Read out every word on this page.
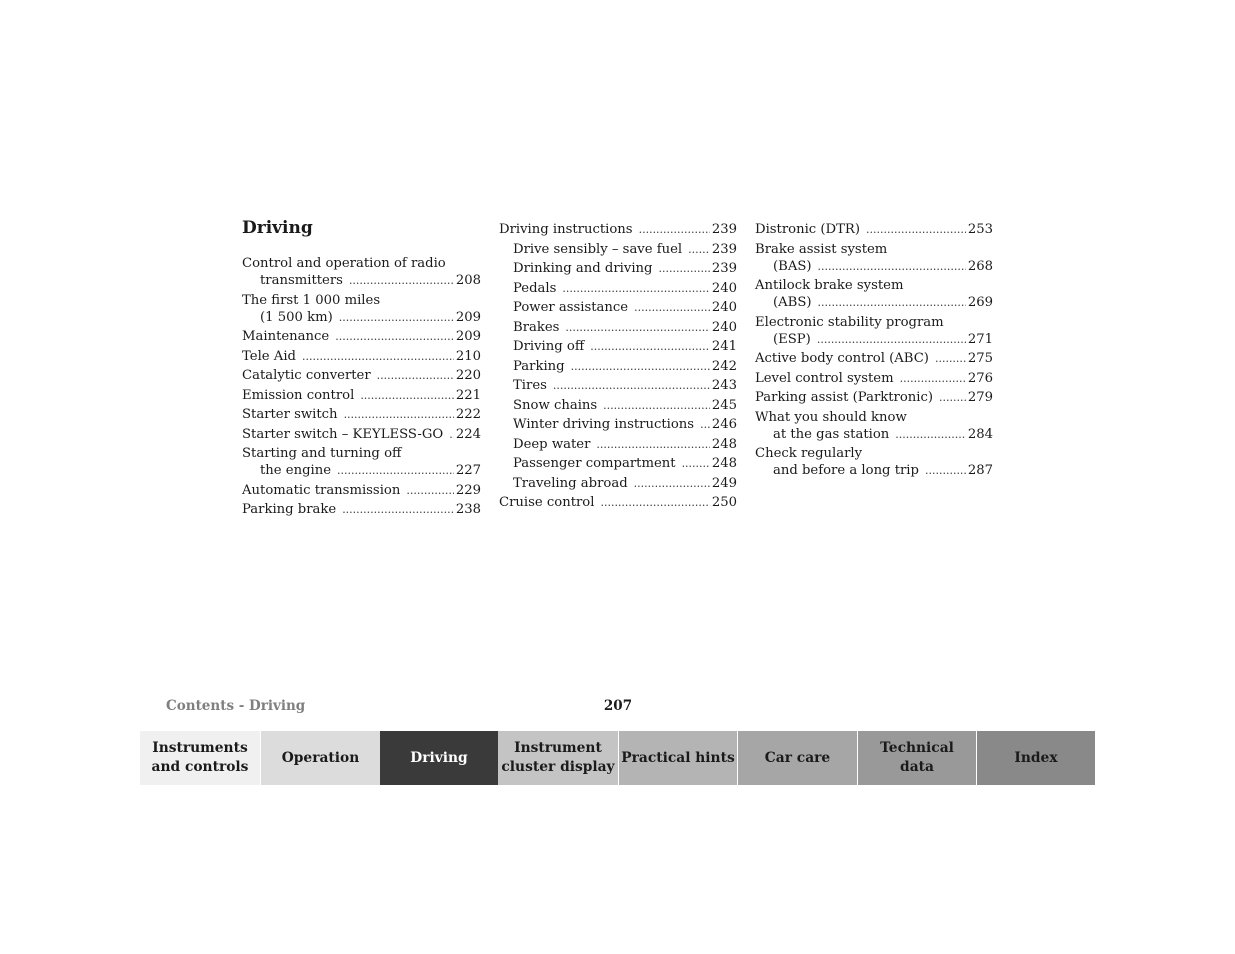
Driving
Control and operation of radio
transmitters .....	208
The first 1 000 miles
(1 500 km) .....	209
Maintenance .....	209
Tele Aid .....	210
Catalytic converter .....	220
Emission control .....	221
Starter switch .....	222
Starter switch – KEYLESS-GO ..... 224
Starting and turning off
the engine .....	227
Automatic transmission .....	229
Parking brake .....	238
Driving instructions .....	239
Drive sensibly – save fuel ..... 239
Drinking and driving .....	239
Pedals .....	240
Power assistance .....	240
Brakes .....	240
Driving off .....	241
Parking .....	242
Tires .....	243
Snow chains .....	245
Winter driving instructions ..... 246
Deep water .....	248
Passenger compartment .....	248
Traveling abroad .....	249
Cruise control .....	250
Distronic (DTR) .....	253
Brake assist system
(BAS) .....	268
Antilock brake system
(ABS) .....	269
Electronic stability program
(ESP) .....	271
Active body control (ABC) .....	275
Level control system .....	276
Parking assist (Parktronic) .....	279
What you should know
at the gas station .....	284
Check regularly
and before a long trip .....	287
Contents - Driving	207
Instruments
and controls
Operation	Driving
Instrument
cluster display
Practical hints Car care
Technical
data
Index
